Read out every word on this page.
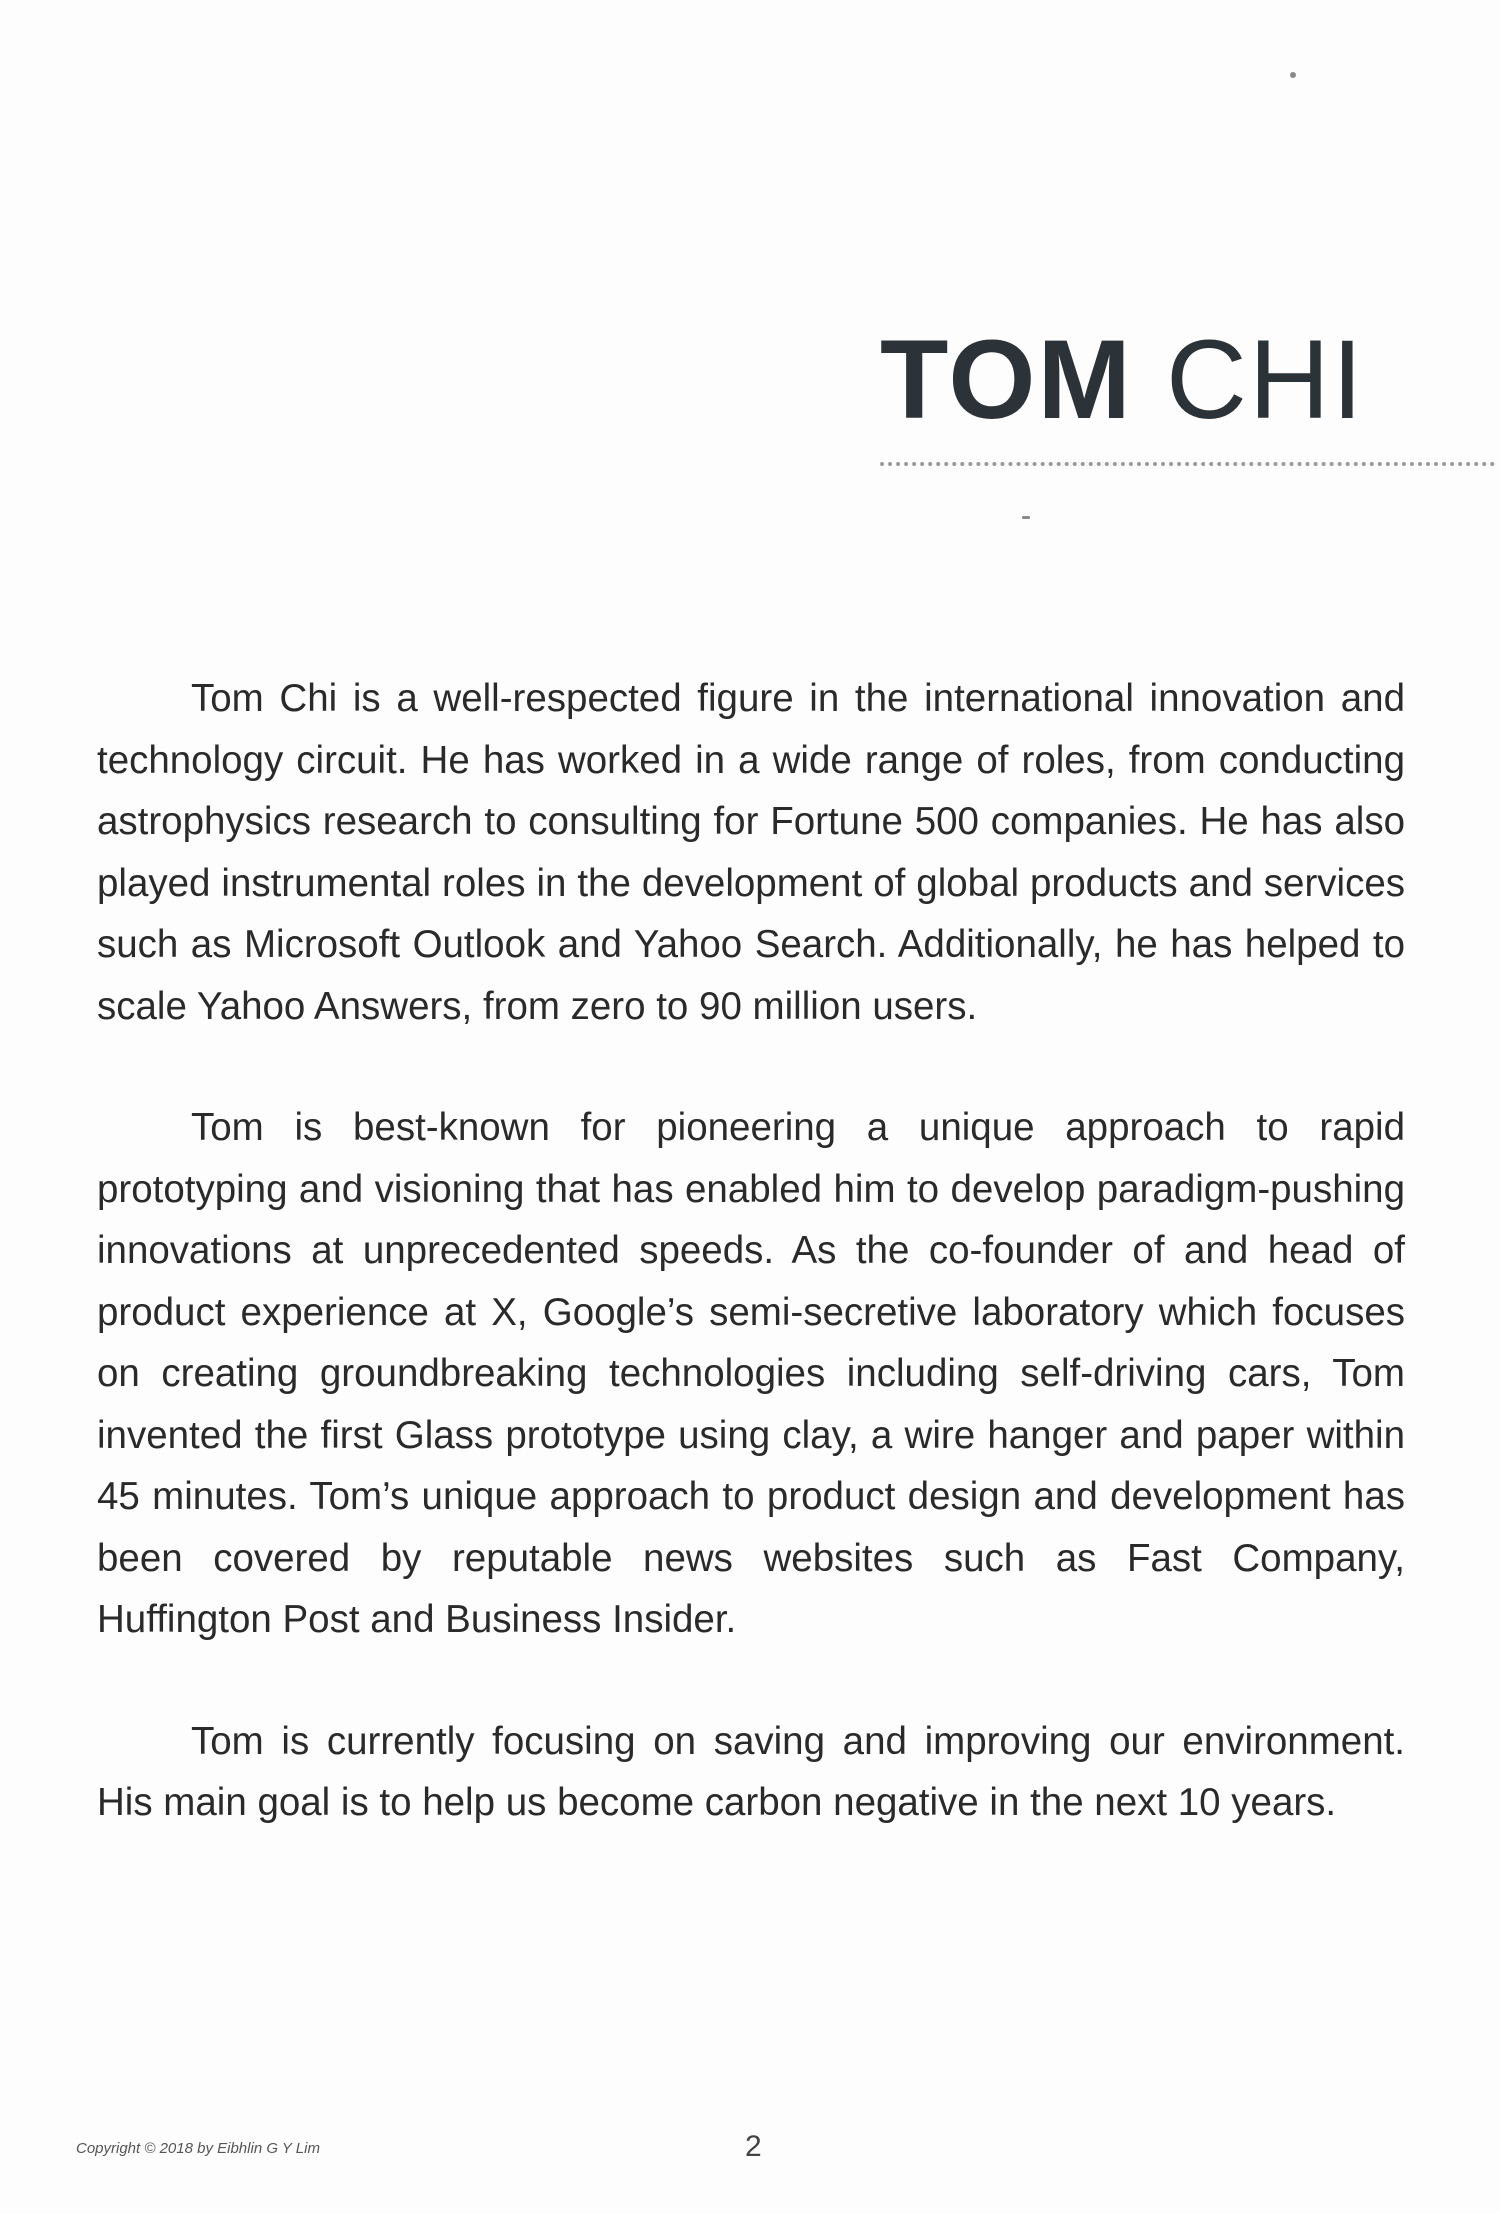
TOM CHI

Tom Chi is a well-respected figure in the international innovation and technology circuit. He has worked in a wide range of roles, from conducting astrophysics research to consulting for Fortune 500 companies. He has also played instrumental roles in the development of global products and services such as Microsoft Outlook and Yahoo Search. Additionally, he has helped to scale Yahoo Answers, from zero to 90 million users.

Tom is best-known for pioneering a unique approach to rapid prototyping and visioning that has enabled him to develop paradigm-pushing innovations at unprecedented speeds. As the co-founder of and head of product experience at X, Google’s semi-secretive laboratory which focuses on creating groundbreaking technologies including self-driving cars, Tom invented the first Glass prototype using clay, a wire hanger and paper within 45 minutes. Tom’s unique approach to product design and development has been covered by reputable news websites such as Fast Company, Huffington Post and Business Insider.

Tom is currently focusing on saving and improving our environment. His main goal is to help us become carbon negative in the next 10 years.

Copyright © 2018 by Eibhlin G Y Lim	2
